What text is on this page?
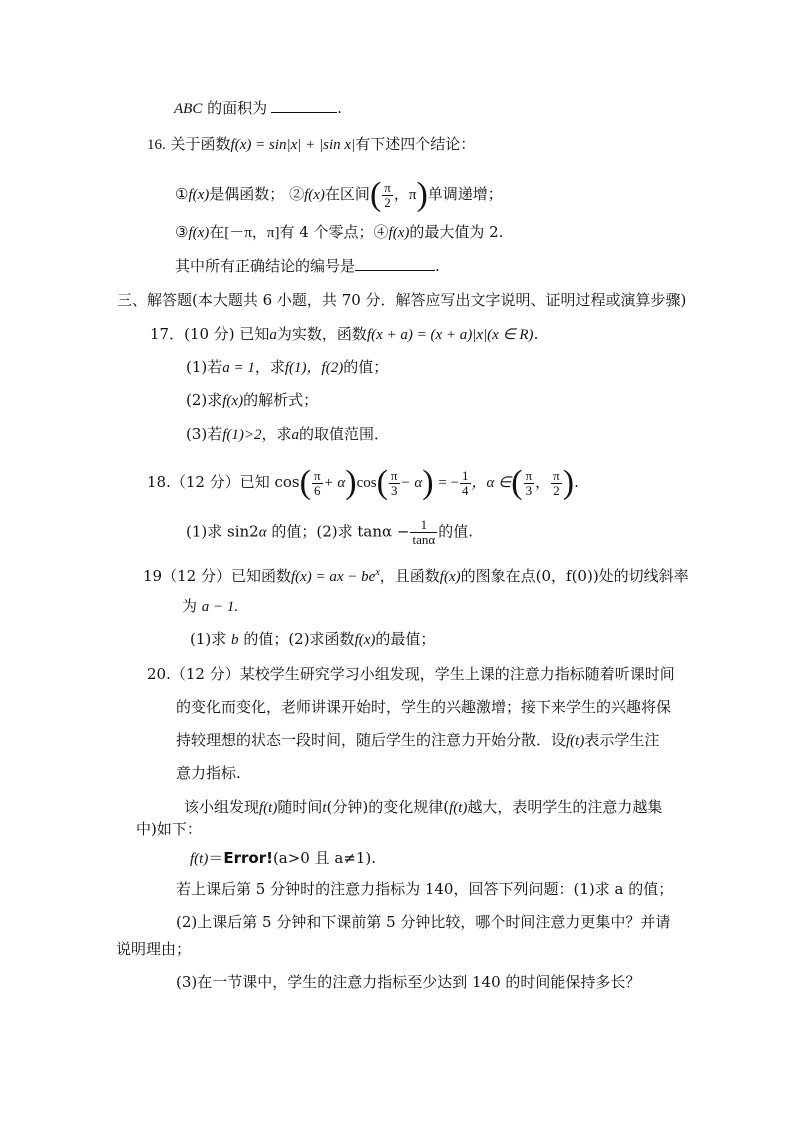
ABC 的面积为	.
16. 关于函数f(x) = sin|x| + |sin x|有下述四个结论：
①f(x)是偶函数； ②f(x)在区间( $\frac{\pi}{2}$ ，π)单调递增；
③f(x)在[－π，π]有 4 个零点；④f(x)的最大值为 2.
其中所有正确结论的编号是	.
三、解答题(本大题共 6 小题，共 70 分．解答应写出文字说明、证明过程或演算步骤)
17．(10 分) 已知a为实数，函数f(x + a) = (x + a)|x|(x ∈ R).
(1)若a = 1，求f(1)，f(2)的值；
(2)求f(x)的解析式；
(3)若f(1)>2，求a的取值范围．
18.（12 分）已知 $\cos( \frac{\pi}{6} + \alpha)\cos( \frac{\pi}{3} - \alpha)$ = − $\frac{1}{4}$ ，α ∈( $\frac{\pi}{3}$ ， $\frac{\pi}{2}$ ).
(1)求 sin2α 的值；(2)求 $\tan\alpha - \frac{1}{\tan\alpha}$ 的值.
19（12 分）已知函数f(x) = ax − $be^x$，且函数f(x)的图象在点(0，f(0))处的切线斜率
为 a − 1.
(1)求 b 的值；(2)求函数f(x)的最值；
20.（12 分）某校学生研究学习小组发现，学生上课的注意力指标随着听课时间
的变化而变化，老师讲课开始时，学生的兴趣激增；接下来学生的兴趣将保
持较理想的状态一段时间，随后学生的注意力开始分散．设f(t)表示学生注
意力指标.
该小组发现f(t)随时间t(分钟)的变化规律(f(t)越大，表明学生的注意力越集
中)如下：
f(t)＝Error!(a>0 且 a≠1).
若上课后第 5 分钟时的注意力指标为 140，回答下列问题：(1)求 a 的值；
(2)上课后第 5 分钟和下课前第 5 分钟比较，哪个时间注意力更集中？并请
说明理由；
(3)在一节课中，学生的注意力指标至少达到 140 的时间能保持多长？
